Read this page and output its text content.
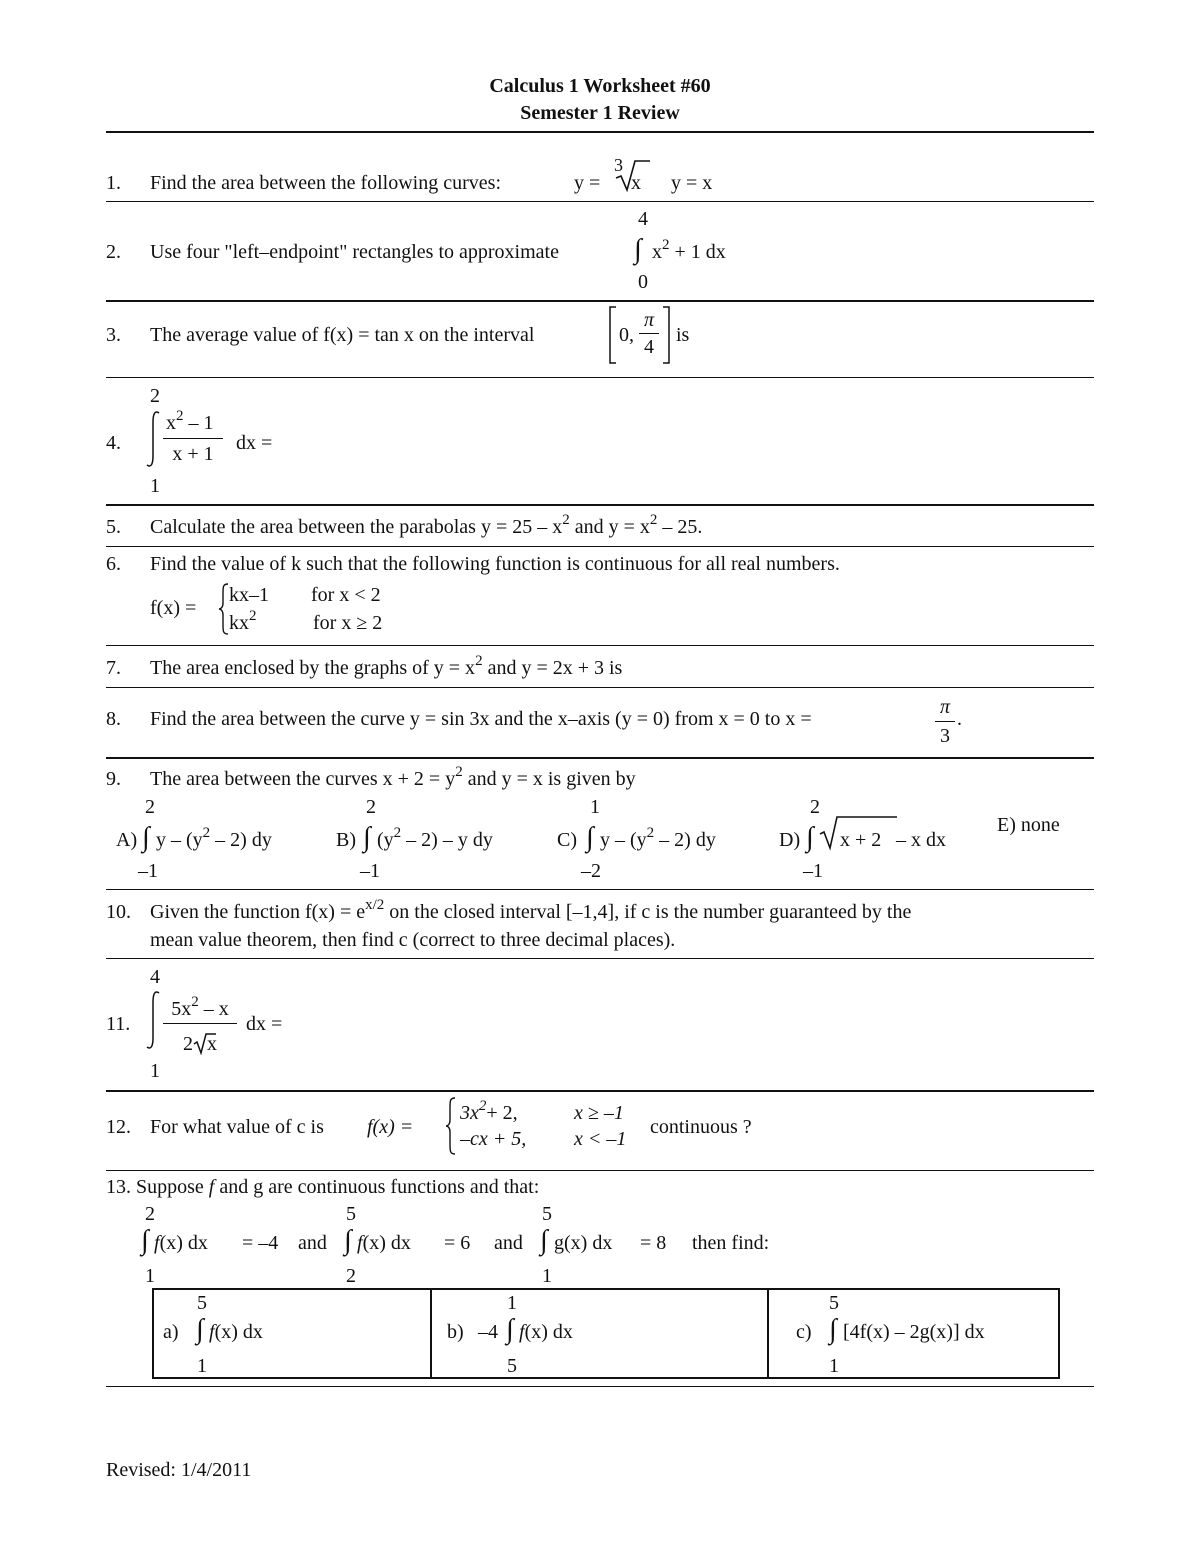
Calculus 1 Worksheet #60
Semester 1 Review
1. Find the area between the following curves:	y =
3
x y = x
4
2. Use four "left–endpoint" rectangles to approximate	∫ $x^2 + 1$ dx
0
3. The average value of f(x) = tan x on the interval	0,
π
4
is
2
4.
$x^2 - 1$
x + 1	dx =
1
5. Calculate the area between the parabolas $y = 25 - x^2$ and $y = x^2 - 25$.
6. Find the value of k such that the following function is continuous for all real numbers.
f(x) =
kx–1 for x < 2
$kx^2$	for x ≥ 2
7. The area enclosed by the graphs of $y = x^2$ and y = 2x + 3 is
8. Find the area between the curve y = sin 3x and the x–axis (y = 0) from x = 0 to x =
π
3
.
9. The area between the curves $x + 2 = y^2$ and y = x is given by
2
A) ∫ y – $(y^2 - 2)$ dy
–1
2
B) ∫ $(y^2 - 2)$ – y dy
–1
1
C) ∫ y – $(y^2 - 2)$ dy
–2
2
D) ∫ x + 2 – x dx
–1
E) none
10. Given the function $f(x) = e^{x/2}$ on the closed interval [–1,4], if c is the number guaranteed by the
mean value theorem, then find c (correct to three decimal places).
4
11.
$5x^2$ – x
2 x
dx =
1
12. For what value of c is f(x) =
$3x^2+ 2$,	x ≥ –1
–cx + 5, x < –1
continuous ?
13. Suppose f and g are continuous functions and that:
2
∫ f(x) dx = –4
1
and
5
∫ f(x) dx = 6
2
and
5
∫ g(x) dx = 8
1
then find:
5
a) ∫ f(x) dx
1
1
b) –4 ∫ f(x) dx
5
5
c) ∫ [4f(x) – 2g(x)] dx
1
Revised: 1/4/2011
